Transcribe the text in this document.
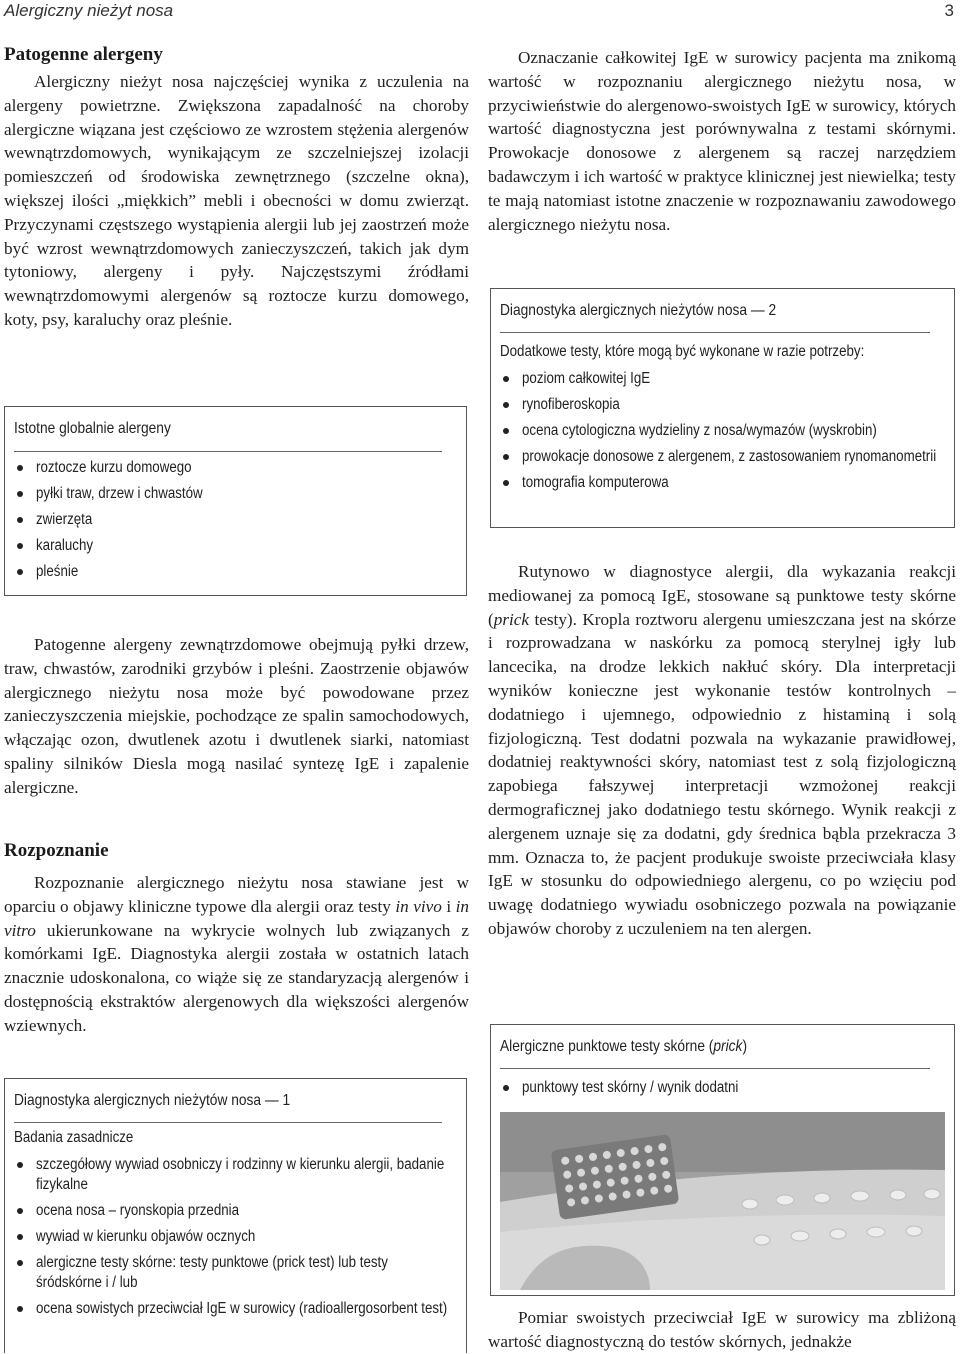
Alergiczny nieżyt nosa	3
Patogenne alergeny

Alergiczny nieżyt nosa najczęściej wynika z uczulenia na alergeny powietrzne. Zwiększona zapadalność na choroby alergiczne wiązana jest częściowo ze wzrostem stężenia alergenów wewnątrzdomowych, wynikającym ze szczelniejszej izolacji pomieszczeń od środowiska zewnętrznego (szczelne okna), większej ilości „miękkich” mebli i obecności w domu zwierząt. Przyczynami częstszego wystąpienia alergii lub jej zaostrzeń może być wzrost wewnątrzdomowych zanieczyszczeń, takich jak dym tytoniowy, alergeny i pyły. Najczęstszymi źródłami wewnątrzdomowymi alergenów są roztocze kurzu domowego, koty, psy, karaluchy oraz pleśnie.

Istotne globalnie alergeny
roztocze kurzu domowego
pyłki traw, drzew i chwastów
zwierzęta
karaluchy
pleśnie

Patogenne alergeny zewnątrzdomowe obejmują pyłki drzew, traw, chwastów, zarodniki grzybów i pleśni. Zaostrzenie objawów alergicznego nieżytu nosa może być powodowane przez zanieczyszczenia miejskie, pochodzące ze spalin samochodowych, włączając ozon, dwutlenek azotu i dwutlenek siarki, natomiast spaliny silników Diesla mogą nasilać syntezę IgE i zapalenie alergiczne.

Rozpoznanie

Rozpoznanie alergicznego nieżytu nosa stawiane jest w oparciu o objawy kliniczne typowe dla alergii oraz testy in vivo i in vitro ukierunkowane na wykrycie wolnych lub związanych z komórkami IgE. Diagnostyka alergii została w ostatnich latach znacznie udoskonalona, co wiąże się ze standaryzacją alergenów i dostępnością ekstraktów alergenowych dla większości alergenów wziewnych.

Diagnostyka alergicznych nieżytów nosa — 1
Badania zasadnicze
szczegółowy wywiad osobniczy i rodzinny w kierunku alergii, badanie fizykalne
ocena nosa – ryonskopia przednia
wywiad w kierunku objawów ocznych
alergiczne testy skórne: testy punktowe (prick test) lub testy śródskórne i / lub
ocena sowistych przeciwciał IgE w surowicy (radioallergosorbent test)

Oznaczanie całkowitej IgE w surowicy pacjenta ma znikomą wartość w rozpoznaniu alergicznego nieżytu nosa, w przyciwieństwie do alergenowo-swoistych IgE w surowicy, których wartość diagnostyczna jest porównywalna z testami skórnymi. Prowokacje donosowe z alergenem są raczej narzędziem badawczym i ich wartość w praktyce klinicznej jest niewielka; testy te mają natomiast istotne znaczenie w rozpoznawaniu zawodowego alergicznego nieżytu nosa.

Diagnostyka alergicznych nieżytów nosa — 2
Dodatkowe testy, które mogą być wykonane w razie potrzeby:
poziom całkowitej IgE
rynofiberoskopia
ocena cytologiczna wydzieliny z nosa/wymazów (wyskrobin)
prowokacje donosowe z alergenem, z zastosowaniem rynomanometrii
tomografia komputerowa

Rutynowo w diagnostyce alergii, dla wykazania reakcji mediowanej za pomocą IgE, stosowane są punktowe testy skórne (prick testy). Kropla roztworu alergenu umieszczana jest na skórze i rozprowadzana w naskórku za pomocą sterylnej igły lub lancecika, na drodze lekkich nakłuć skóry. Dla interpretacji wyników konieczne jest wykonanie testów kontrolnych – dodatniego i ujemnego, odpowiednio z histaminą i solą fizjologiczną. Test dodatni pozwala na wykazanie prawidłowej, dodatniej reaktywności skóry, natomiast test z solą fizjologiczną zapobiega fałszywej interpretacji wzmożonej reakcji dermograficznej jako dodatniego testu skórnego. Wynik reakcji z alergenem uznaje się za dodatni, gdy średnica bąbla przekracza 3 mm. Oznacza to, że pacjent produkuje swoiste przeciwciała klasy IgE w stosunku do odpowiedniego alergenu, co po wzięciu pod uwagę dodatniego wywiadu osobniczego pozwala na powiązanie objawów choroby z uczuleniem na ten alergen.

Alergiczne punktowe testy skórne (prick)
punktowy test skórny / wynik dodatni

Pomiar swoistych przeciwciał IgE w surowicy ma zbliżoną wartość diagnostyczną do testów skórnych, jednakże
